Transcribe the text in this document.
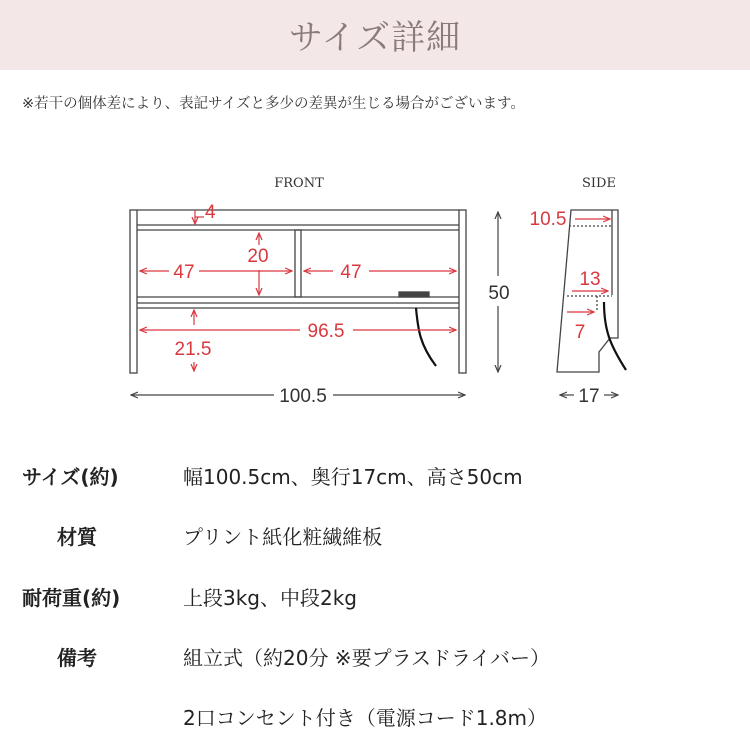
サイズ詳細
※若干の個体差により、表記サイズと多少の差異が生じる場合がございます。
FRONT	SIDE
4
20
47	47
96.5
21.5
50
100.5
10.5
13
7
17
サイズ(約)	幅100.5cm、奥行17cm、高さ50cm
材質	プリント紙化粧繊維板
耐荷重(約)	上段3kg、中段2kg
備考	組立式（約20分 ※要プラスドライバー）
2口コンセント付き（電源コード1.8m）
